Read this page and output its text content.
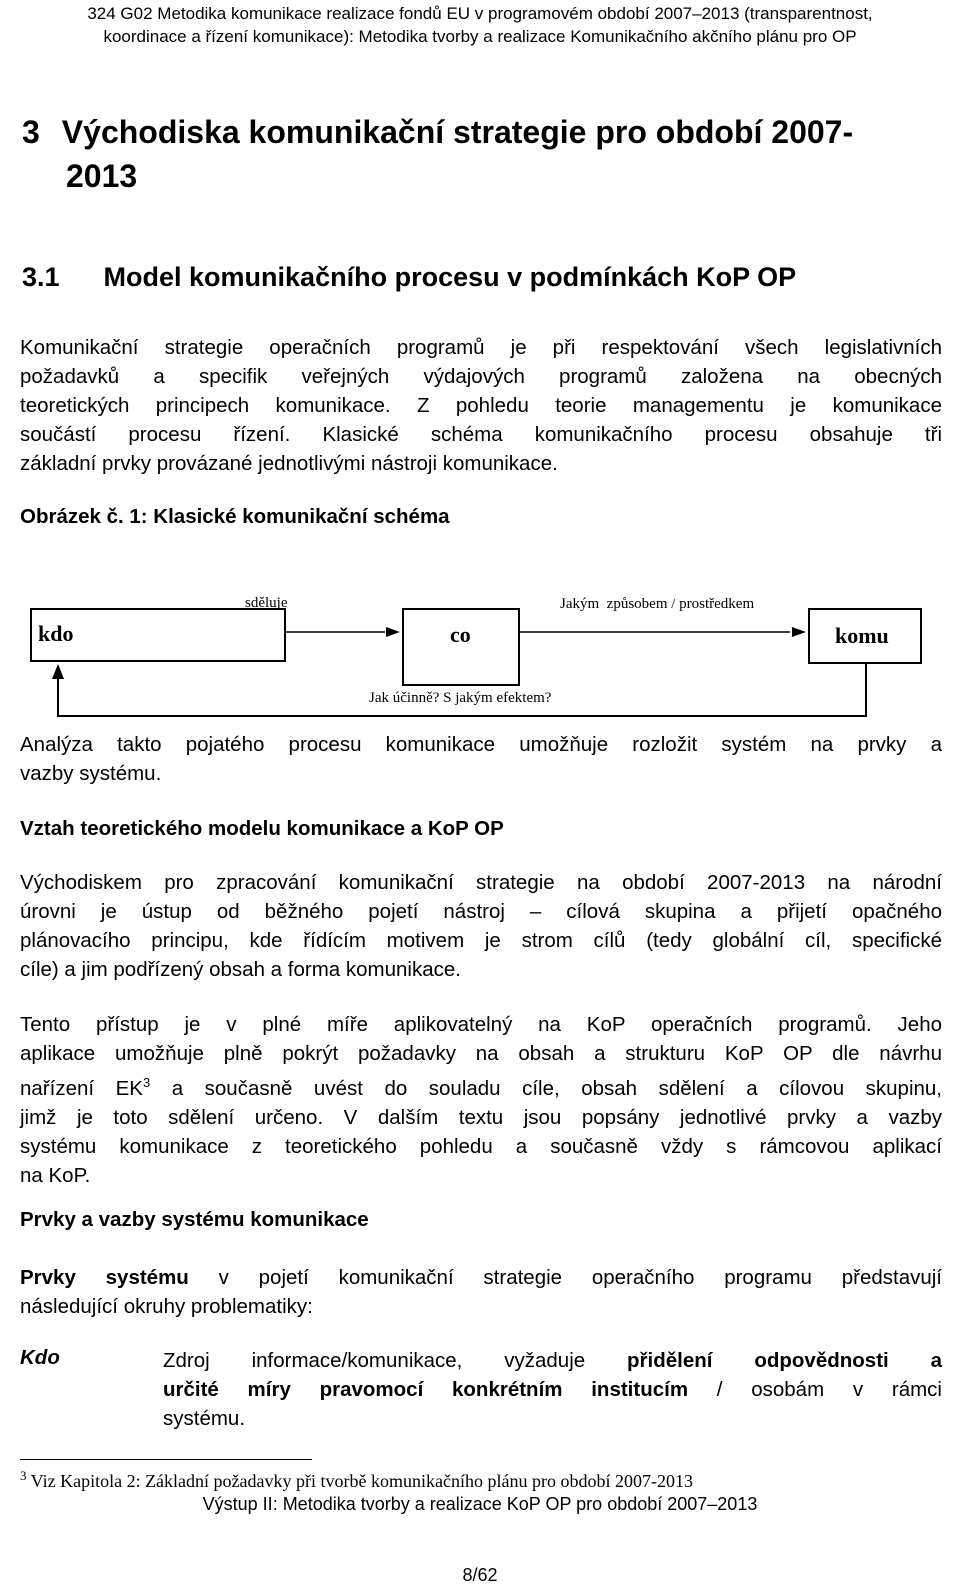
324 G02 Metodika komunikace realizace fondů EU v programovém období 2007–2013 (transparentnost,
koordinace a řízení komunikace): Metodika tvorby a realizace Komunikačního akčního plánu pro OP
3 Východiska komunikační strategie pro období 2007-
2013
3.1 Model komunikačního procesu v podmínkách KoP OP
Komunikační strategie operačních programů je při respektování všech legislativních
požadavků a specifik veřejných výdajových programů založena na obecných
teoretických principech komunikace. Z pohledu teorie managementu je komunikace
součástí procesu řízení. Klasické schéma komunikačního procesu obsahuje tři
základní prvky provázané jednotlivými nástroji komunikace.
Obrázek č. 1: Klasické komunikační schéma
kdo	co	komu
sděluje	Jakým  způsobem / prostředkem
Jak účinně? S jakým efektem?
Analýza takto pojatého procesu komunikace umožňuje rozložit systém na prvky a
vazby systému.
Vztah teoretického modelu komunikace a KoP OP
Východiskem pro zpracování komunikační strategie na období 2007-2013 na národní
úrovni je ústup od běžného pojetí nástroj – cílová skupina a přijetí opačného
plánovacího principu, kde řídícím motivem je strom cílů (tedy globální cíl, specifické
cíle) a jim podřízený obsah a forma komunikace.
Tento přístup je v plné míře aplikovatelný na KoP operačních programů. Jeho
aplikace umožňuje plně pokrýt požadavky na obsah a strukturu KoP OP dle návrhu
nařízení $EK^3$ a současně uvést do souladu cíle, obsah sdělení a cílovou skupinu,
jimž je toto sdělení určeno. V dalším textu jsou popsány jednotlivé prvky a vazby
systému komunikace z teoretického pohledu a současně vždy s rámcovou aplikací
na KoP.
Prvky a vazby systému komunikace
Prvky systému v pojetí komunikační strategie operačního programu představují
následující okruhy problematiky:
Kdo	Zdroj informace/komunikace, vyžaduje přidělení odpovědnosti a
určité míry pravomocí konkrétním institucím / osobám v rámci
systému.
$^3$ Viz Kapitola 2: Základní požadavky při tvorbě komunikačního plánu pro období 2007-2013
Výstup II: Metodika tvorby a realizace KoP OP pro období 2007–2013
8/62
